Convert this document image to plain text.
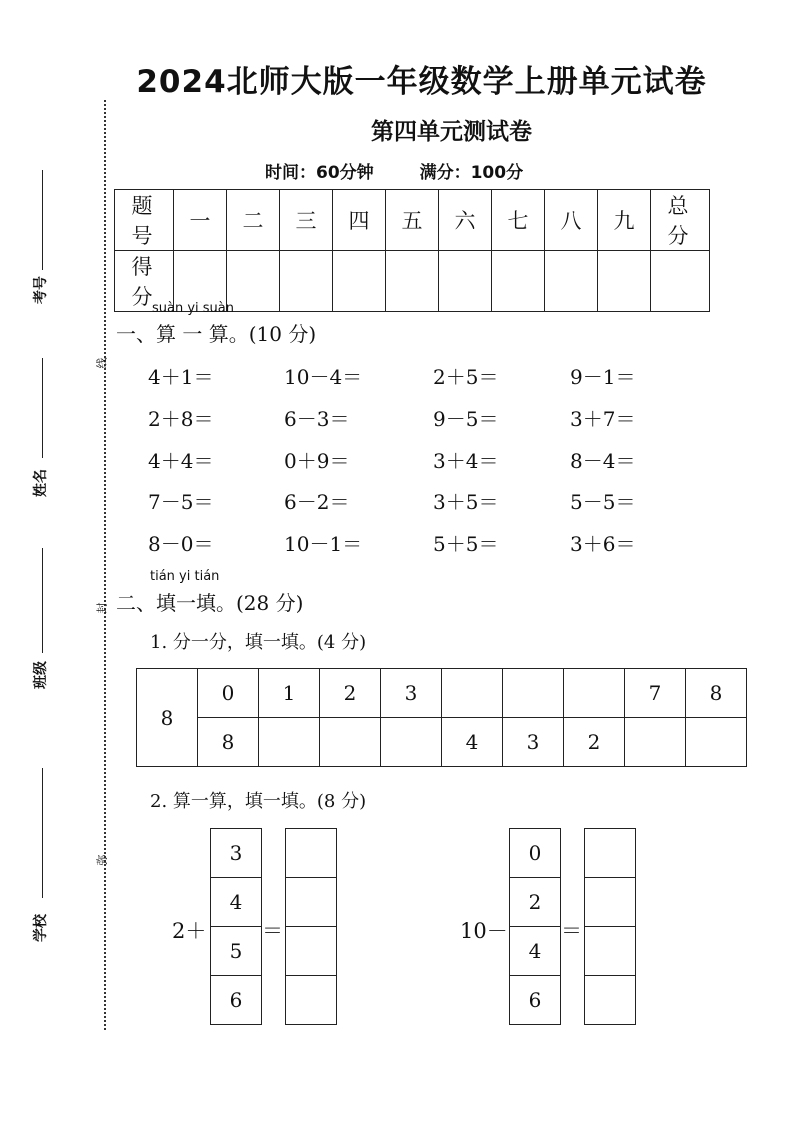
2024北师大版一年级数学上册单元试卷
第四单元测试卷
时间：60分钟	满分：100分
题 号	一	二	三	四	五	六	七	八	九	总 分
得 分										
考号
姓名
班级
学校
线
封
弥
suàn yi suàn
一、算 一 算。(10 分)
4＋1＝	10－4＝	2＋5＝	9－1＝
2＋8＝	6－3＝	9－5＝	3＋7＝
4＋4＝	0＋9＝	3＋4＝	8－4＝
7－5＝	6－2＝	3＋5＝	5－5＝
8－0＝	10－1＝	5＋5＝	3＋6＝
tián yi tián
二、填一填。(28 分)
1. 分一分，填一填。(4 分)
8	0	1	2	3				7	8
	8				4	3	2		
2. 算一算，填一填。(8 分)
2＋
3
4
5
6
＝	10－
0
2
4
6
＝
